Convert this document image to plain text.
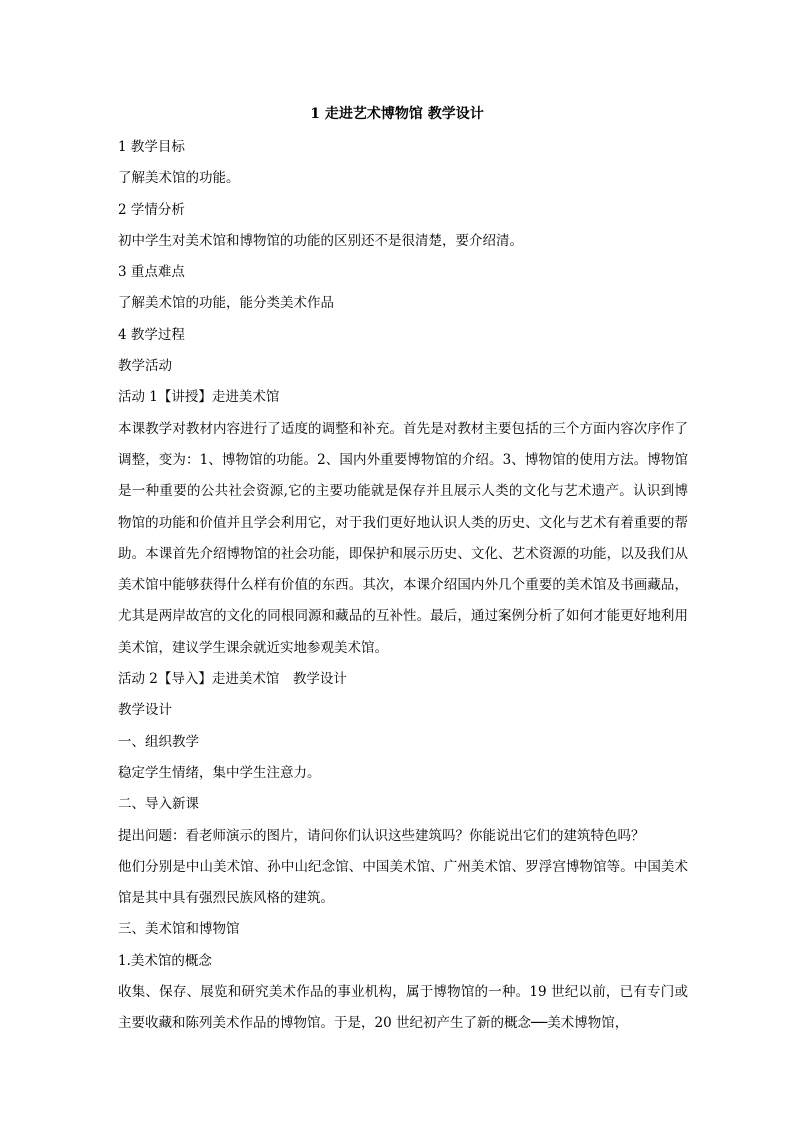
1 走进艺术博物馆 教学设计
1 教学目标
了解美术馆的功能。
2 学情分析
初中学生对美术馆和博物馆的功能的区别还不是很清楚，要介绍清。
3 重点难点
了解美术馆的功能，能分类美术作品
4 教学过程
教学活动
活动 1【讲授】走进美术馆
本课教学对教材内容进行了适度的调整和补充。首先是对教材主要包括的三个方面内容次序作了调整，变为：1、博物馆的功能。2、国内外重要博物馆的介绍。3、博物馆的使用方法。博物馆是一种重要的公共社会资源,它的主要功能就是保存并且展示人类的文化与艺术遗产。认识到博物馆的功能和价值并且学会利用它，对于我们更好地认识人类的历史、文化与艺术有着重要的帮助。本课首先介绍博物馆的社会功能，即保护和展示历史、文化、艺术资源的功能，以及我们从美术馆中能够获得什么样有价值的东西。其次，本课介绍国内外几个重要的美术馆及书画藏品，尤其是两岸故宫的文化的同根同源和藏品的互补性。最后，通过案例分析了如何才能更好地利用美术馆，建议学生课余就近实地参观美术馆。
活动 2【导入】走进美术馆　教学设计
教学设计
一、组织教学
稳定学生情绪，集中学生注意力。
二、导入新课
提出问题：看老师演示的图片，请问你们认识这些建筑吗？你能说出它们的建筑特色吗？
他们分别是中山美术馆、孙中山纪念馆、中国美术馆、广州美术馆、罗浮宫博物馆等。中国美术馆是其中具有强烈民族风格的建筑。
三、美术馆和博物馆
1.美术馆的概念
收集、保存、展览和研究美术作品的事业机构，属于博物馆的一种。19 世纪以前，已有专门或主要收藏和陈列美术作品的博物馆。于是，20 世纪初产生了新的概念──美术博物馆，
